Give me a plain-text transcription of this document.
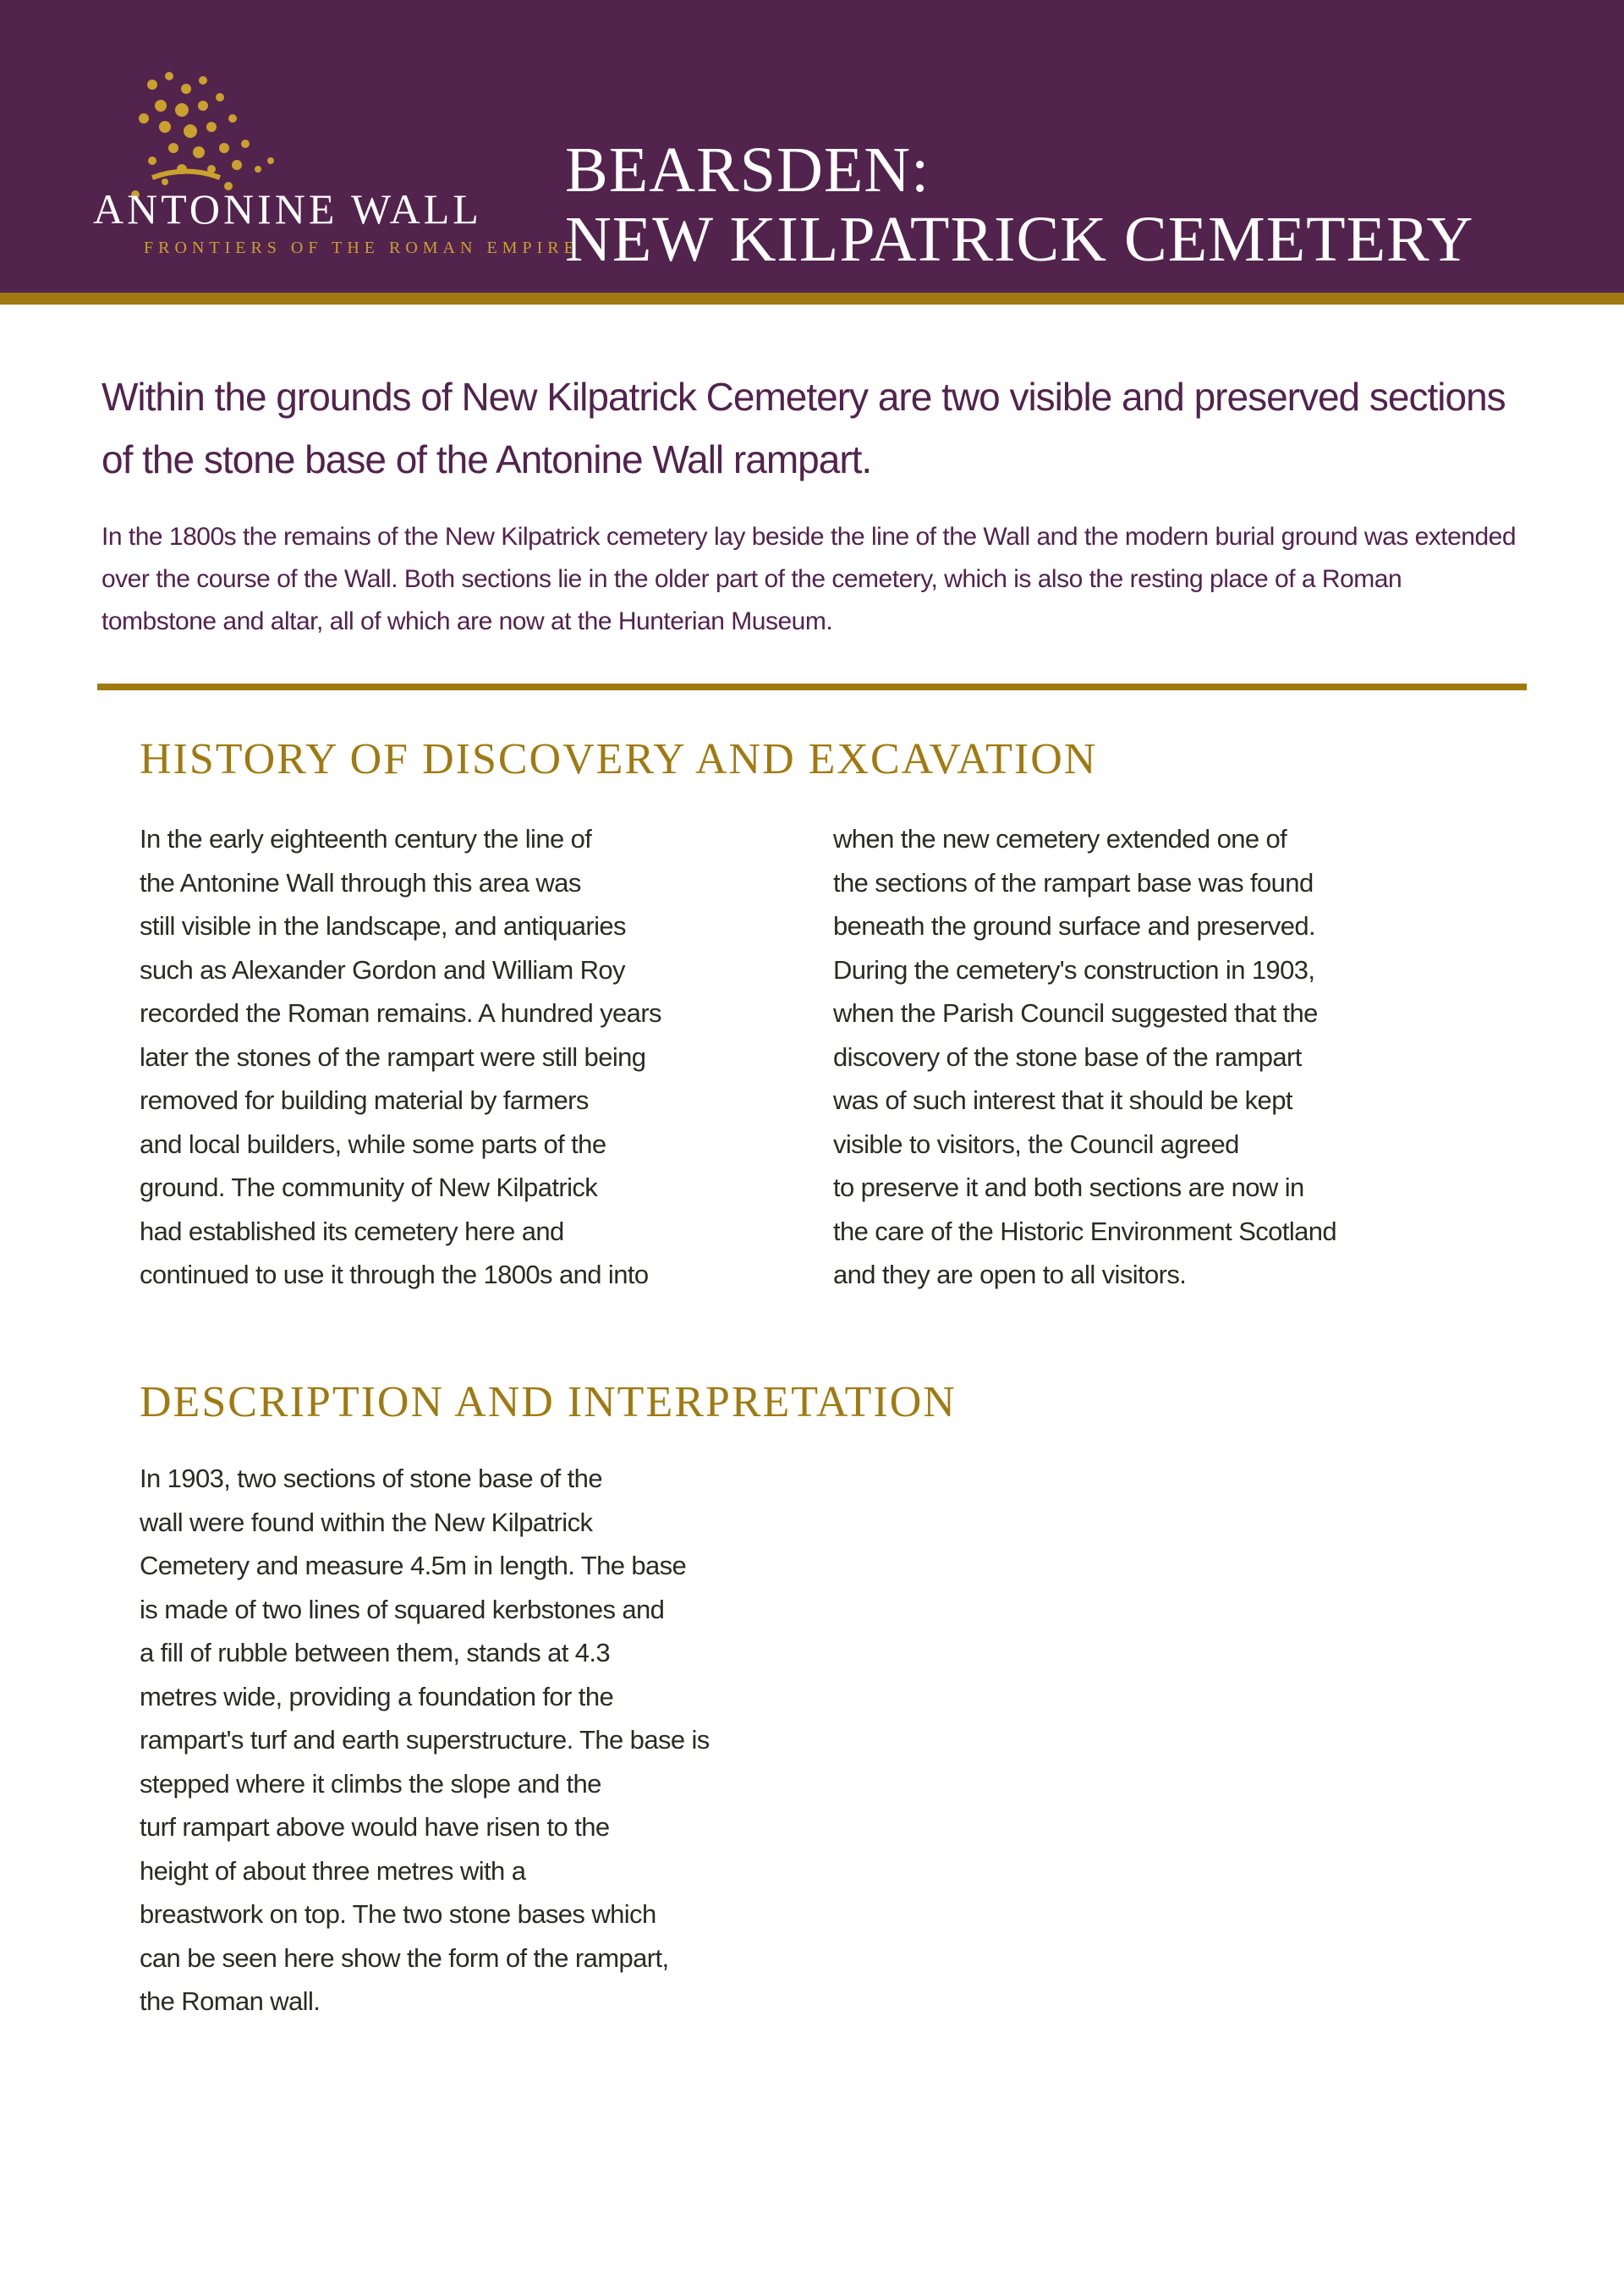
ANTONINE WALL
FRONTIERS OF THE ROMAN EMPIRE
BEARSDEN:
NEW KILPATRICK CEMETERY
Within the grounds of New Kilpatrick Cemetery are two visible and preserved sections of the stone base of the Antonine Wall rampart.
In the 1800s the remains of the New Kilpatrick cemetery lay beside the line of the Wall and the modern burial ground was extended over the course of the Wall. Both sections lie in the older part of the cemetery, which is also the resting place of a Roman tombstone and altar, all of which are now at the Hunterian Museum.
HISTORY OF DISCOVERY AND EXCAVATION
In the early eighteenth century the line of
the Antonine Wall through this area was
still visible in the landscape, and antiquaries
such as Alexander Gordon and William Roy
recorded the Roman remains. A hundred years
later the stones of the rampart were still being
removed for building material by farmers
and local builders, while some parts of the
ground. The community of New Kilpatrick
had established its cemetery here and
continued to use it through the 1800s and into
when the new cemetery extended one of
the sections of the rampart base was found
beneath the ground surface and preserved.
During the cemetery's construction in 1903,
when the Parish Council suggested that the
discovery of the stone base of the rampart
was of such interest that it should be kept
visible to visitors, the Council agreed
to preserve it and both sections are now in
the care of the Historic Environment Scotland
and they are open to all visitors.
DESCRIPTION AND INTERPRETATION
In 1903, two sections of stone base of the
wall were found within the New Kilpatrick
Cemetery and measure 4.5m in length. The base
is made of two lines of squared kerbstones and
a fill of rubble between them, stands at 4.3
metres wide, providing a foundation for the
rampart's turf and earth superstructure. The base is
stepped where it climbs the slope and the
turf rampart above would have risen to the
height of about three metres with a
breastwork on top. The two stone bases which
can be seen here show the form of the rampart,
the Roman wall.
